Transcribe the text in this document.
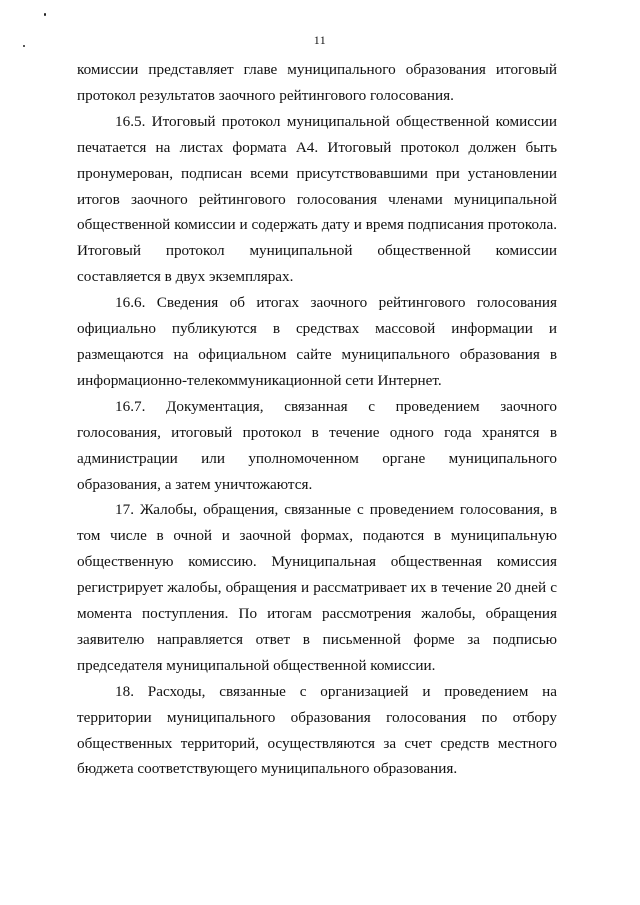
11

комиссии представляет главе муниципального образования итоговый протокол результатов заочного рейтингового голосования.

16.5. Итоговый протокол муниципальной общественной комиссии печатается на листах формата А4. Итоговый протокол должен быть пронумерован, подписан всеми присутствовавшими при установлении итогов заочного рейтингового голосования членами муниципальной общественной комиссии и содержать дату и время подписания протокола. Итоговый протокол муниципальной общественной комиссии составляется в двух экземплярах.

16.6. Сведения об итогах заочного рейтингового голосования официально публикуются в средствах массовой информации и размещаются на официальном сайте муниципального образования в информационно-телекоммуникационной сети Интернет.

16.7. Документация, связанная с проведением заочного голосования, итоговый протокол в течение одного года хранятся в администрации или уполномоченном органе муниципального образования, а затем уничтожаются.

17. Жалобы, обращения, связанные с проведением голосования, в том числе в очной и заочной формах, подаются в муниципальную общественную комиссию. Муниципальная общественная комиссия регистрирует жалобы, обращения и рассматривает их в течение 20 дней с момента поступления. По итогам рассмотрения жалобы, обращения заявителю направляется ответ в письменной форме за подписью председателя муниципальной общественной комиссии.

18. Расходы, связанные с организацией и проведением на территории муниципального образования голосования по отбору общественных территорий, осуществляются за счет средств местного бюджета соответствующего муниципального образования.
